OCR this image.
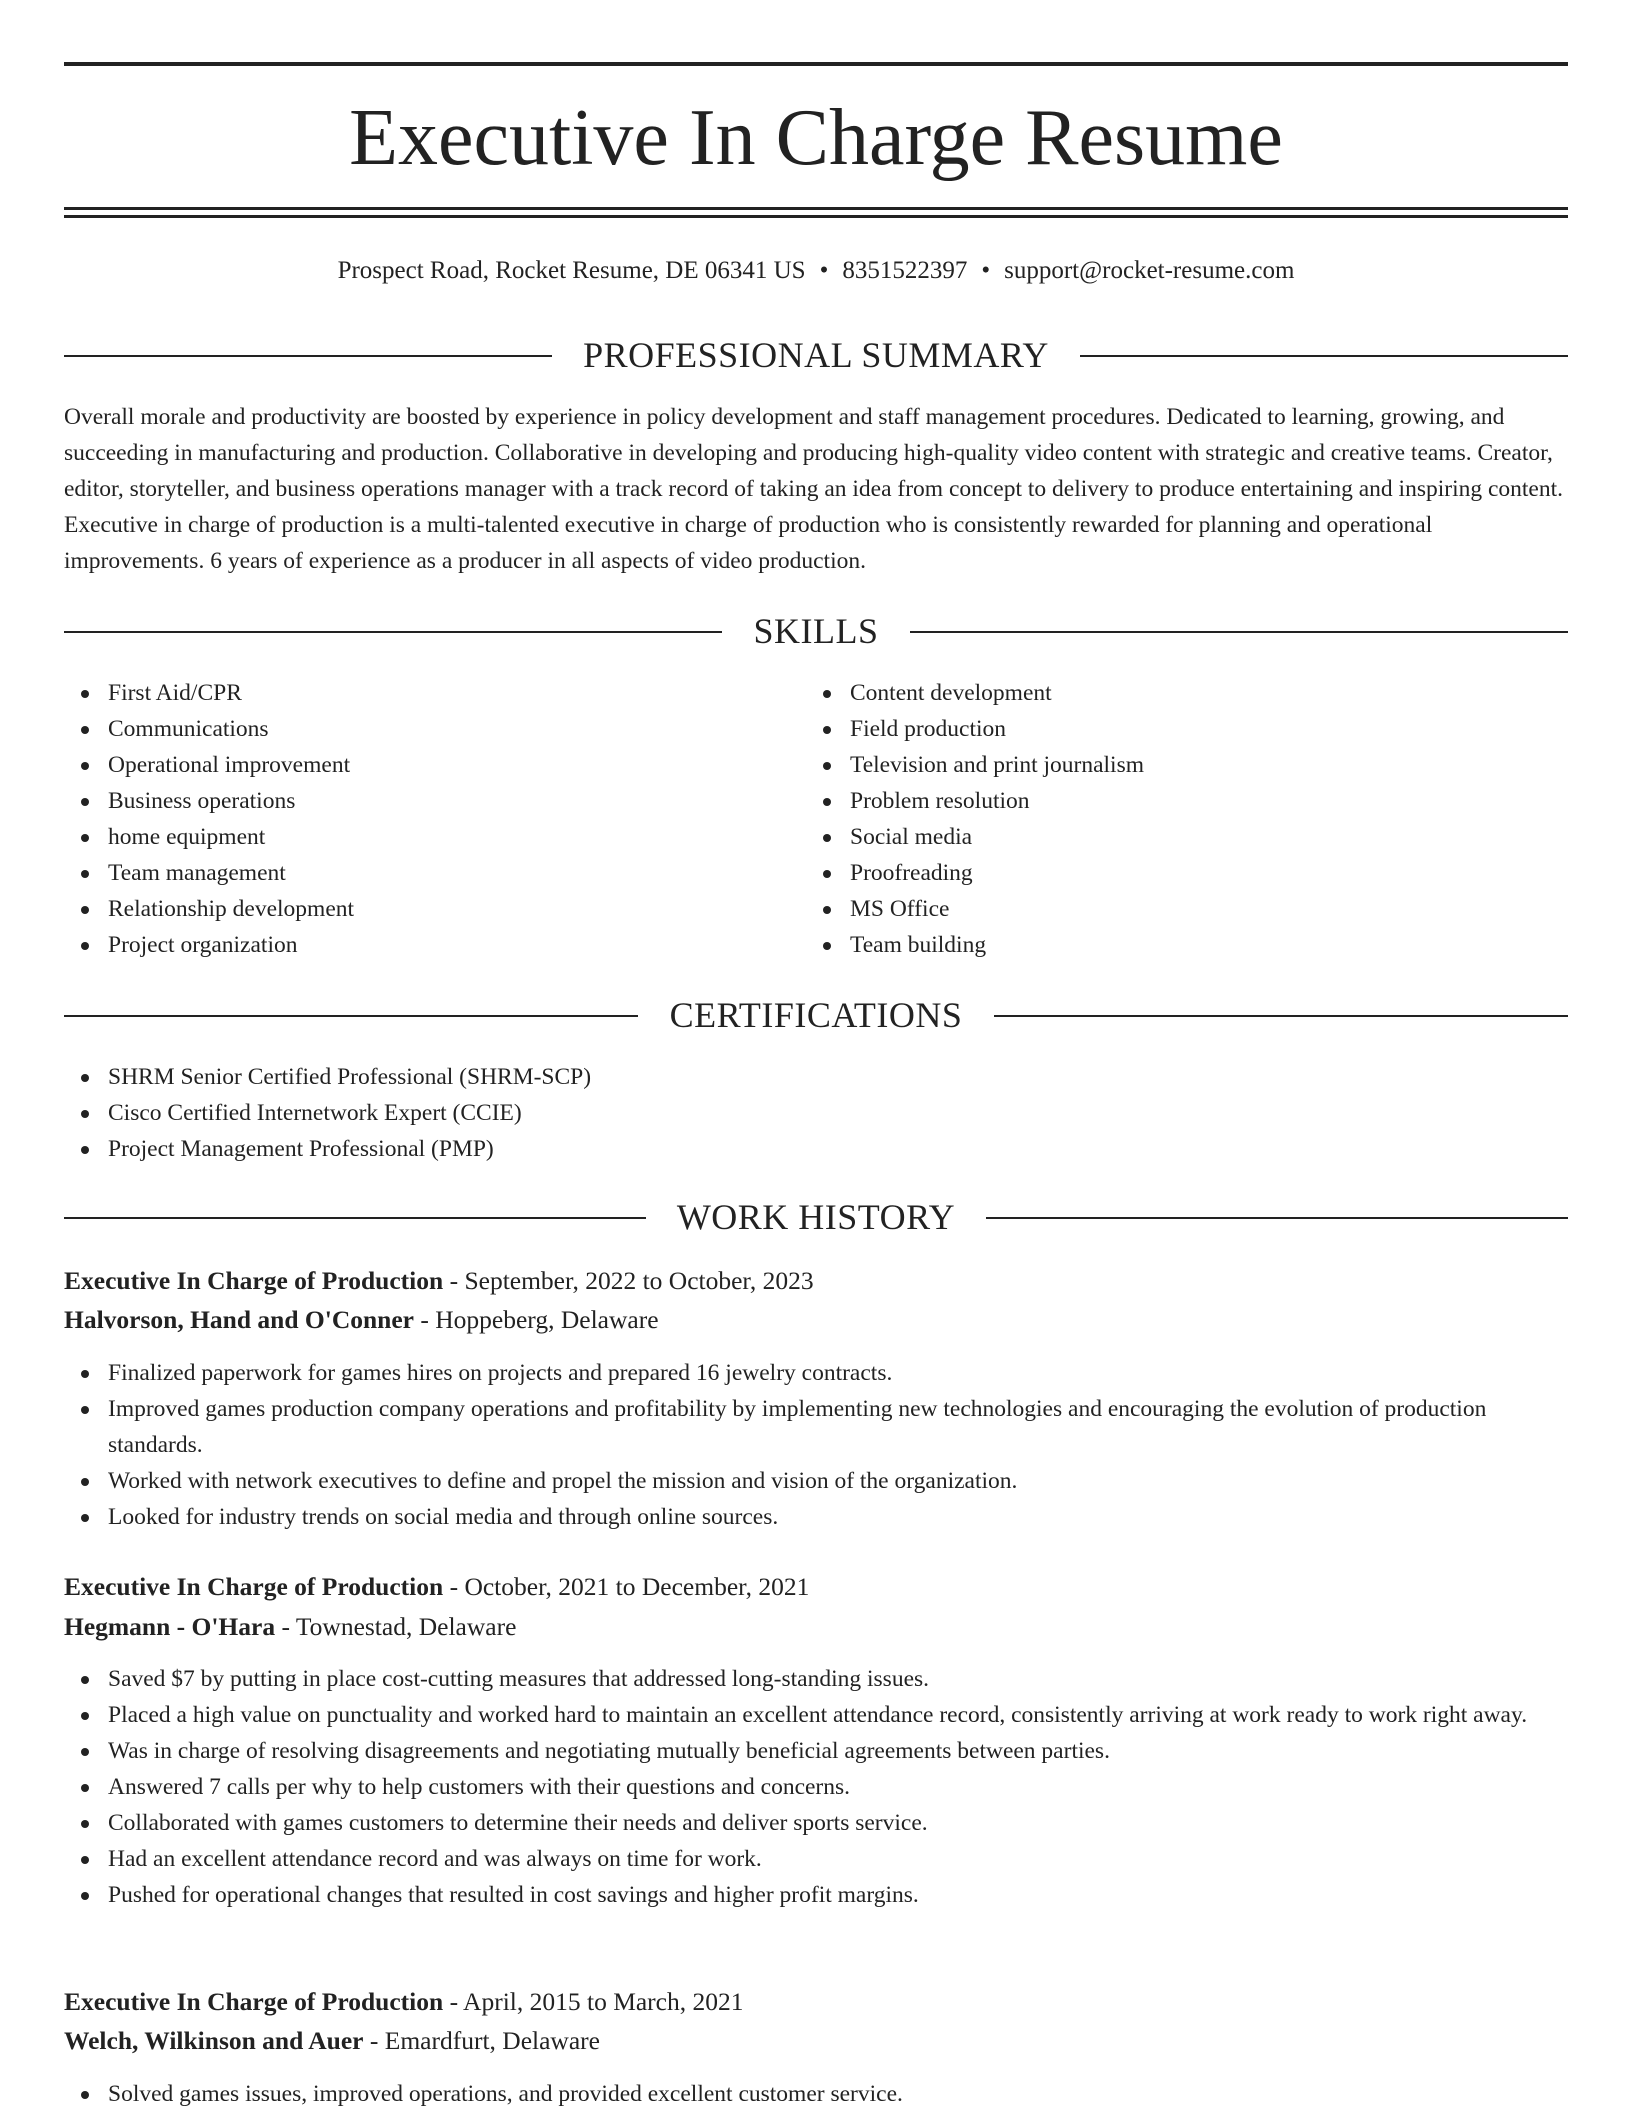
Executive In Charge Resume
Prospect Road, Rocket Resume, DE 06341 US • 8351522397 • support@rocket-resume.com
PROFESSIONAL SUMMARY

Overall morale and productivity are boosted by experience in policy development and staff management procedures. Dedicated to learning, growing, and succeeding in manufacturing and production. Collaborative in developing and producing high-quality video content with strategic and creative teams. Creator, editor, storyteller, and business operations manager with a track record of taking an idea from concept to delivery to produce entertaining and inspiring content. Executive in charge of production is a multi-talented executive in charge of production who is consistently rewarded for planning and operational improvements. 6 years of experience as a producer in all aspects of video production.

SKILLS
First Aid/CPR
Communications
Operational improvement
Business operations
home equipment
Team management
Relationship development
Project organization
Content development
Field production
Television and print journalism
Problem resolution
Social media
Proofreading
MS Office
Team building
CERTIFICATIONS
SHRM Senior Certified Professional (SHRM-SCP)
Cisco Certified Internetwork Expert (CCIE)
Project Management Professional (PMP)
WORK HISTORY
Executive In Charge of Production - September, 2022 to October, 2023
Halvorson, Hand and O'Conner - Hoppeberg, Delaware
Finalized paperwork for games hires on projects and prepared 16 jewelry contracts.
Improved games production company operations and profitability by implementing new technologies and encouraging the evolution of production standards.
Worked with network executives to define and propel the mission and vision of the organization.
Looked for industry trends on social media and through online sources.
Executive In Charge of Production - October, 2021 to December, 2021
Hegmann - O'Hara - Townestad, Delaware
Saved $7 by putting in place cost-cutting measures that addressed long-standing issues.
Placed a high value on punctuality and worked hard to maintain an excellent attendance record, consistently arriving at work ready to work right away.
Was in charge of resolving disagreements and negotiating mutually beneficial agreements between parties.
Answered 7 calls per why to help customers with their questions and concerns.
Collaborated with games customers to determine their needs and deliver sports service.
Had an excellent attendance record and was always on time for work.
Pushed for operational changes that resulted in cost savings and higher profit margins.
Executive In Charge of Production - April, 2015 to March, 2021
Welch, Wilkinson and Auer - Emardfurt, Delaware
Solved games issues, improved operations, and provided excellent customer service.
